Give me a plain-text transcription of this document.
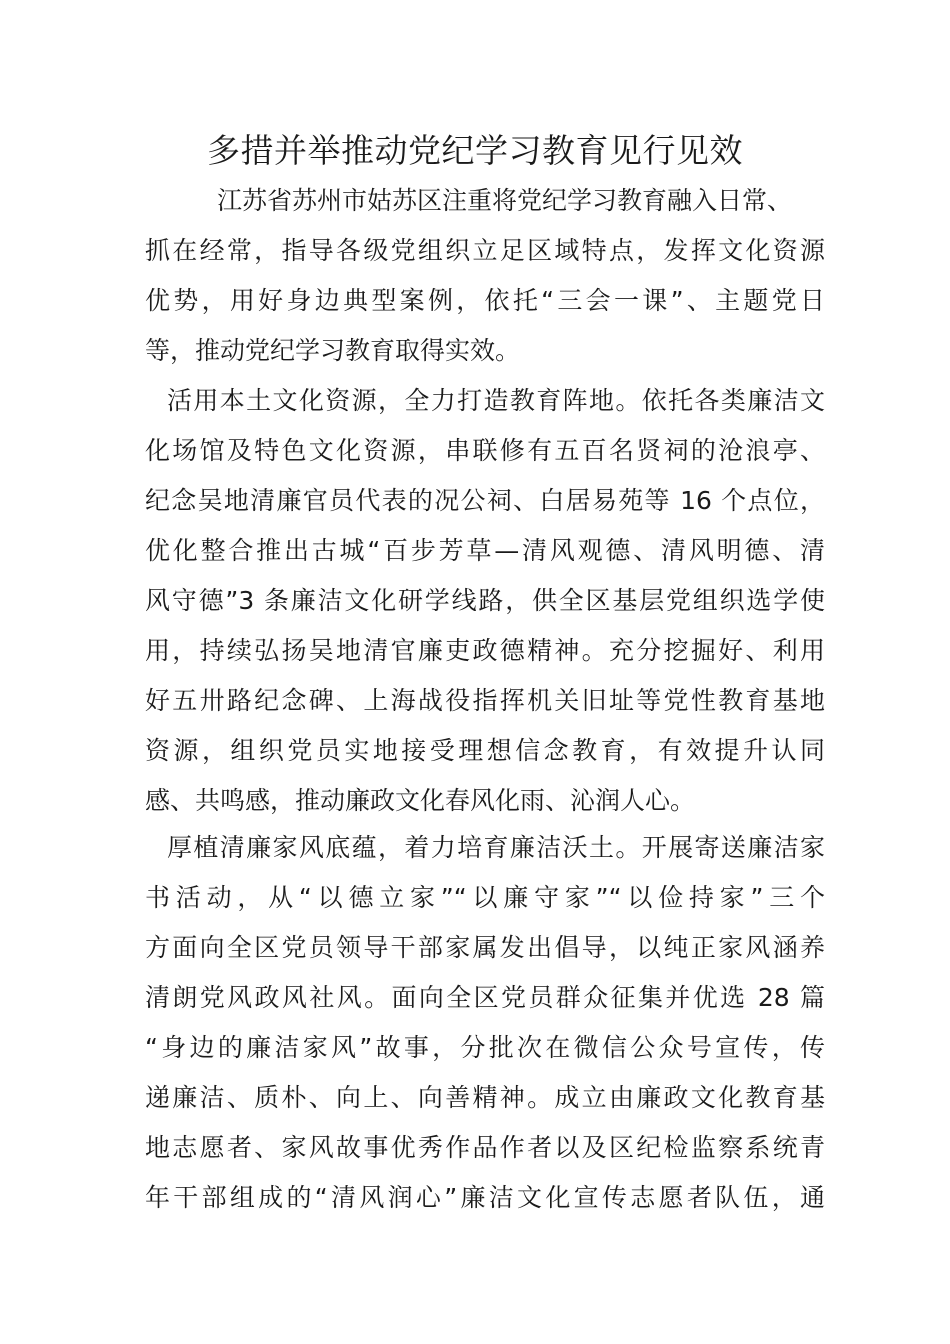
多措并举推动党纪学习教育见行见效
江苏省苏州市姑苏区注重将党纪学习教育融入日常、
抓在经常，指导各级党组织立足区域特点，发挥文化资源
优势，用好身边典型案例，依托“三会一课”、主题党日
等，推动党纪学习教育取得实效。
活用本土文化资源，全力打造教育阵地。依托各类廉洁文
化场馆及特色文化资源，串联修有五百名贤祠的沧浪亭、
纪念吴地清廉官员代表的况公祠、白居易苑等 16 个点位，
优化整合推出古城“百步芳草—清风观德、清风明德、清
风守德”3 条廉洁文化研学线路，供全区基层党组织选学使
用，持续弘扬吴地清官廉吏政德精神。充分挖掘好、利用
好五卅路纪念碑、上海战役指挥机关旧址等党性教育基地
资源，组织党员实地接受理想信念教育，有效提升认同
感、共鸣感，推动廉政文化春风化雨、沁润人心。
厚植清廉家风底蕴，着力培育廉洁沃土。开展寄送廉洁家
书活动，从“以德立家”“以廉守家”“以俭持家”三个
方面向全区党员领导干部家属发出倡导，以纯正家风涵养
清朗党风政风社风。面向全区党员群众征集并优选 28 篇
“身边的廉洁家风”故事，分批次在微信公众号宣传，传
递廉洁、质朴、向上、向善精神。成立由廉政文化教育基
地志愿者、家风故事优秀作品作者以及区纪检监察系统青
年干部组成的“清风润心”廉洁文化宣传志愿者队伍，通
